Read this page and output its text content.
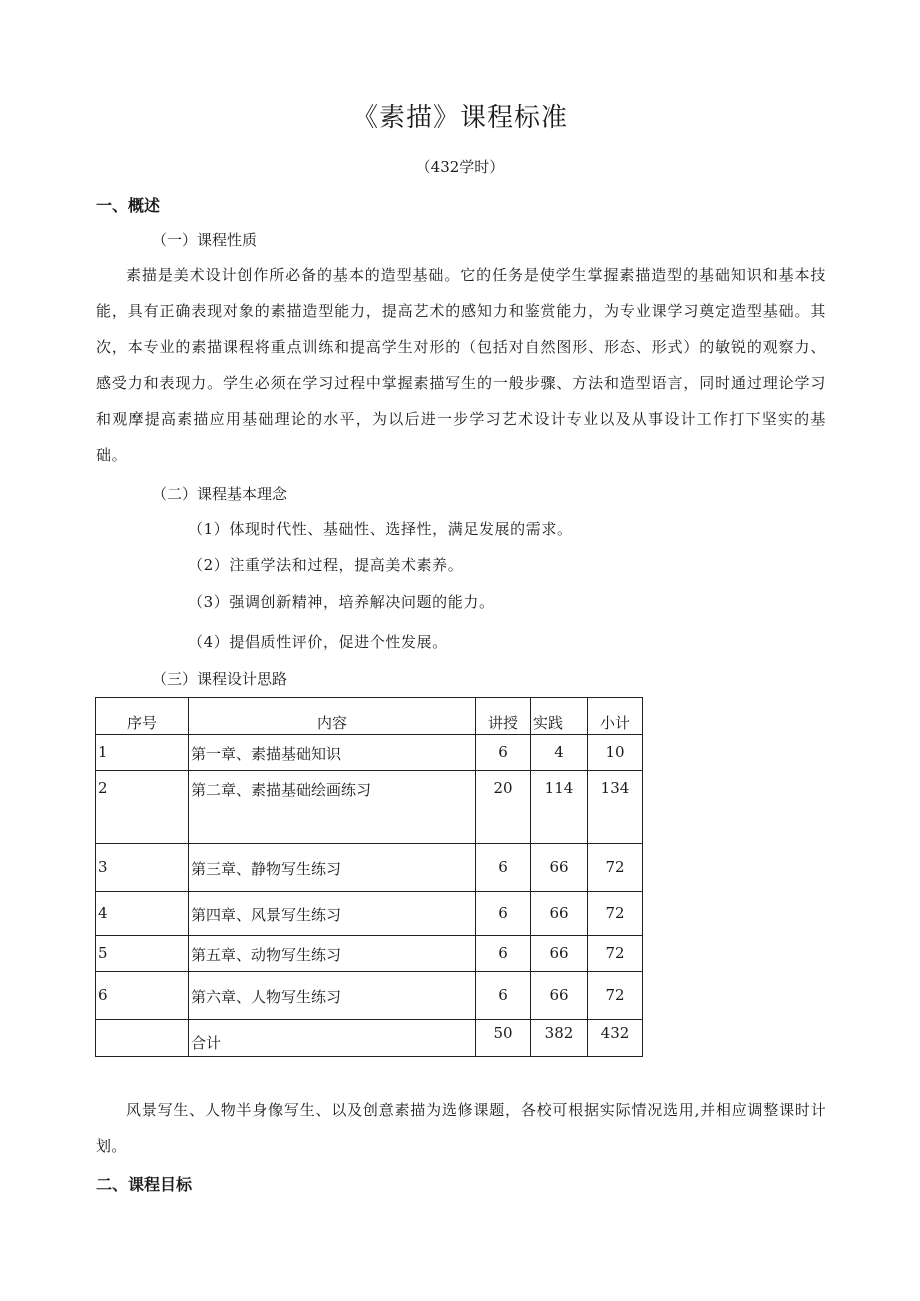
《素描》课程标准
（432学时）
一、概述
（一）课程性质
素描是美术设计创作所必备的基本的造型基础。它的任务是使学生掌握素描造型的基础知识和基本技能，具有正确表现对象的素描造型能力，提高艺术的感知力和鉴赏能力，为专业课学习奠定造型基础。其次，本专业的素描课程将重点训练和提高学生对形的（包括对自然图形、形态、形式）的敏锐的观察力、感受力和表现力。学生必须在学习过程中掌握素描写生的一般步骤、方法和造型语言，同时通过理论学习和观摩提高素描应用基础理论的水平，为以后进一步学习艺术设计专业以及从事设计工作打下坚实的基础。
（二）课程基本理念
（1）体现时代性、基础性、选择性，满足发展的需求。
（2）注重学法和过程，提高美术素养。
（3）强调创新精神，培养解决问题的能力。
（4）提倡质性评价，促进个性发展。
（三）课程设计思路
序号	内容	讲授	实践	小计
1	第一章、素描基础知识	6	4	10
2	第二章、素描基础绘画练习	20	114	134
3	第三章、静物写生练习	6	66	72
4	第四章、风景写生练习	6	66	72
5	第五章、动物写生练习	6	66	72
6	第六章、人物写生练习	6	66	72
	合计	50	382	432
风景写生、人物半身像写生、以及创意素描为选修课题，各校可根据实际情况选用,并相应调整课时计划。
二、课程目标
